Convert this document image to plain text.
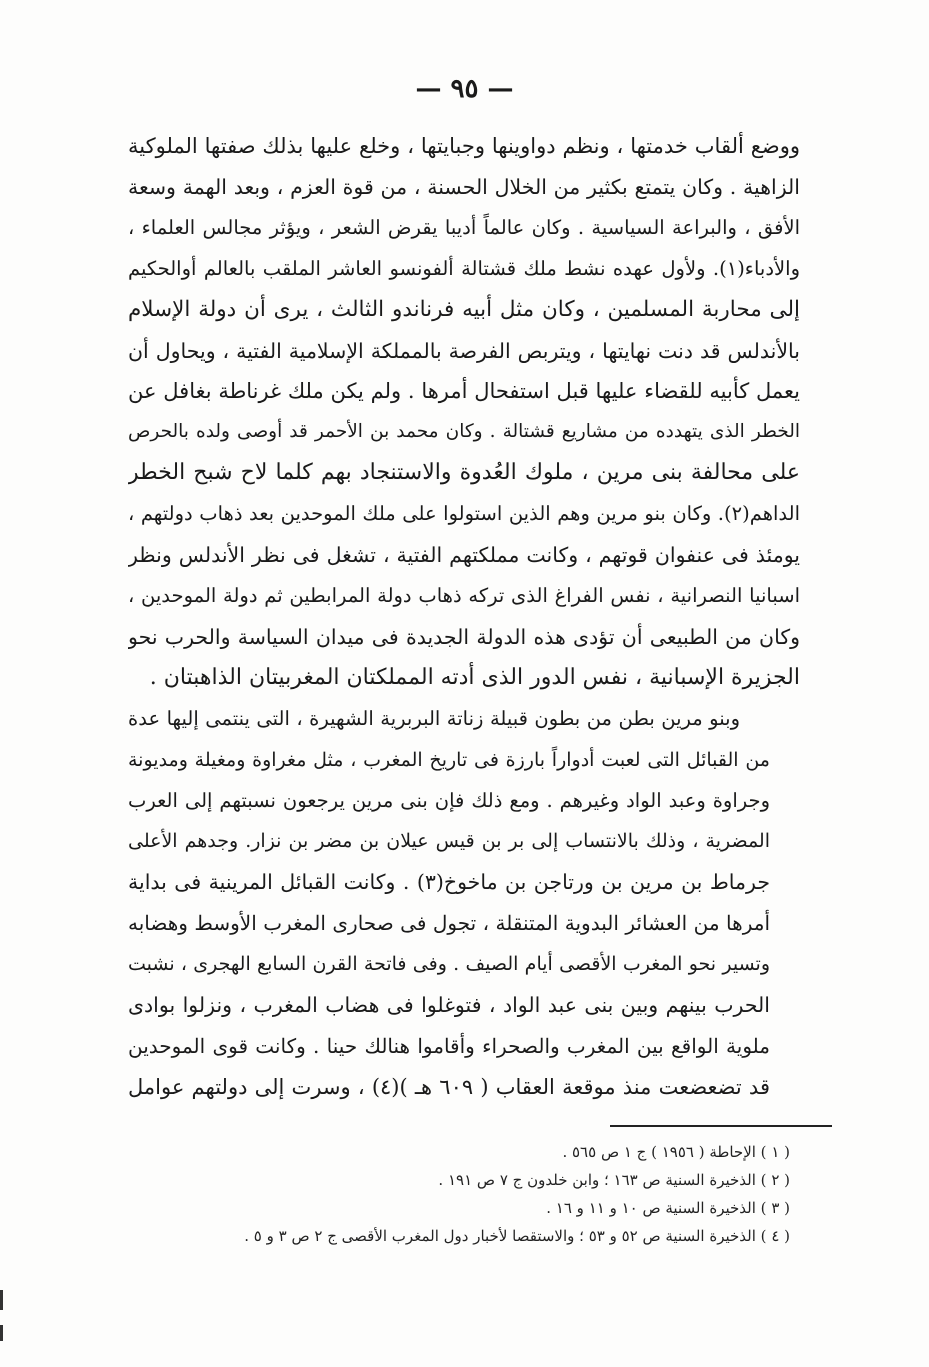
— ٩٥ —
ووضع ألقاب خدمتها ، ونظم دواوينها وجبايتها ، وخلع عليها بذلك صفتها الملوكية
الزاهية . وكان يتمتع بكثير من الخلال الحسنة ، من قوة العزم ، وبعد الهمة وسعة
الأفق ، والبراعة السياسية . وكان عالماً أديبا يقرض الشعر ، ويؤثر مجالس العلماء ،
والأدباء(١). ولأول عهده نشط ملك قشتالة ألفونسو العاشر الملقب بالعالم أوالحكيم
إلى محاربة المسلمين ، وكان مثل أبيه فرناندو الثالث ، يرى أن دولة الإسلام
بالأندلس قد دنت نهايتها ، ويتربص الفرصة بالمملكة الإسلامية الفتية ، ويحاول أن
يعمل كأبيه للقضاء عليها قبل استفحال أمرها . ولم يكن ملك غرناطة بغافل عن
الخطر الذى يتهدده من مشاريع قشتالة . وكان محمد بن الأحمر قد أوصى ولده بالحرص
على محالفة بنى مرين ، ملوك العُدوة والاستنجاد بهم كلما لاح شبح الخطر
الداهم(٢). وكان بنو مرين وهم الذين استولوا على ملك الموحدين بعد ذهاب دولتهم ،
يومئذ فى عنفوان قوتهم ، وكانت مملكتهم الفتية ، تشغل فى نظر الأندلس ونظر
اسبانيا النصرانية ، نفس الفراغ الذى تركه ذهاب دولة المرابطين ثم دولة الموحدين ،
وكان من الطبيعى أن تؤدى هذه الدولة الجديدة فى ميدان السياسة والحرب نحو
الجزيرة الإسبانية ، نفس الدور الذى أدته المملكتان المغربيتان الذاهبتان .
وبنو مرين بطن من بطون قبيلة زناتة البربرية الشهيرة ، التى ينتمى إليها عدة
من القبائل التى لعبت أدواراً بارزة فى تاريخ المغرب ، مثل مغراوة ومغيلة ومديونة
وجراوة وعبد الواد وغيرهم . ومع ذلك فإن بنى مرين يرجعون نسبتهم إلى العرب
المضرية ، وذلك بالانتساب إلى بر بن قيس عيلان بن مضر بن نزار. وجدهم الأعلى
جرماط بن مرين بن ورتاجن بن ماخوخ(٣) . وكانت القبائل المرينية فى بداية
أمرها من العشائر البدوية المتنقلة ، تجول فى صحارى المغرب الأوسط وهضابه
وتسير نحو المغرب الأقصى أيام الصيف . وفى فاتحة القرن السابع الهجرى ، نشبت
الحرب بينهم وبين بنى عبد الواد ، فتوغلوا فى هضاب المغرب ، ونزلوا بوادى
ملوية الواقع بين المغرب والصحراء وأقاموا هنالك حينا . وكانت قوى الموحدين
قد تضعضعت منذ موقعة العقاب ( ٦٠٩ هـ )(٤) ، وسرت إلى دولتهم عوامل
( ١ ) الإحاطة ( ١٩٥٦ ) ج ١ ص ٥٦٥ .
( ٢ ) الذخيرة السنية ص ١٦٣ ؛ وابن خلدون ج ٧ ص ١٩١ .
( ٣ ) الذخيرة السنية ص ١٠ و ١١ و ١٦ .
( ٤ ) الذخيرة السنية ص ٥٢ و ٥٣ ؛ والاستقصا لأخبار دول المغرب الأقصى ج ٢ ص ٣ و ٥ .
